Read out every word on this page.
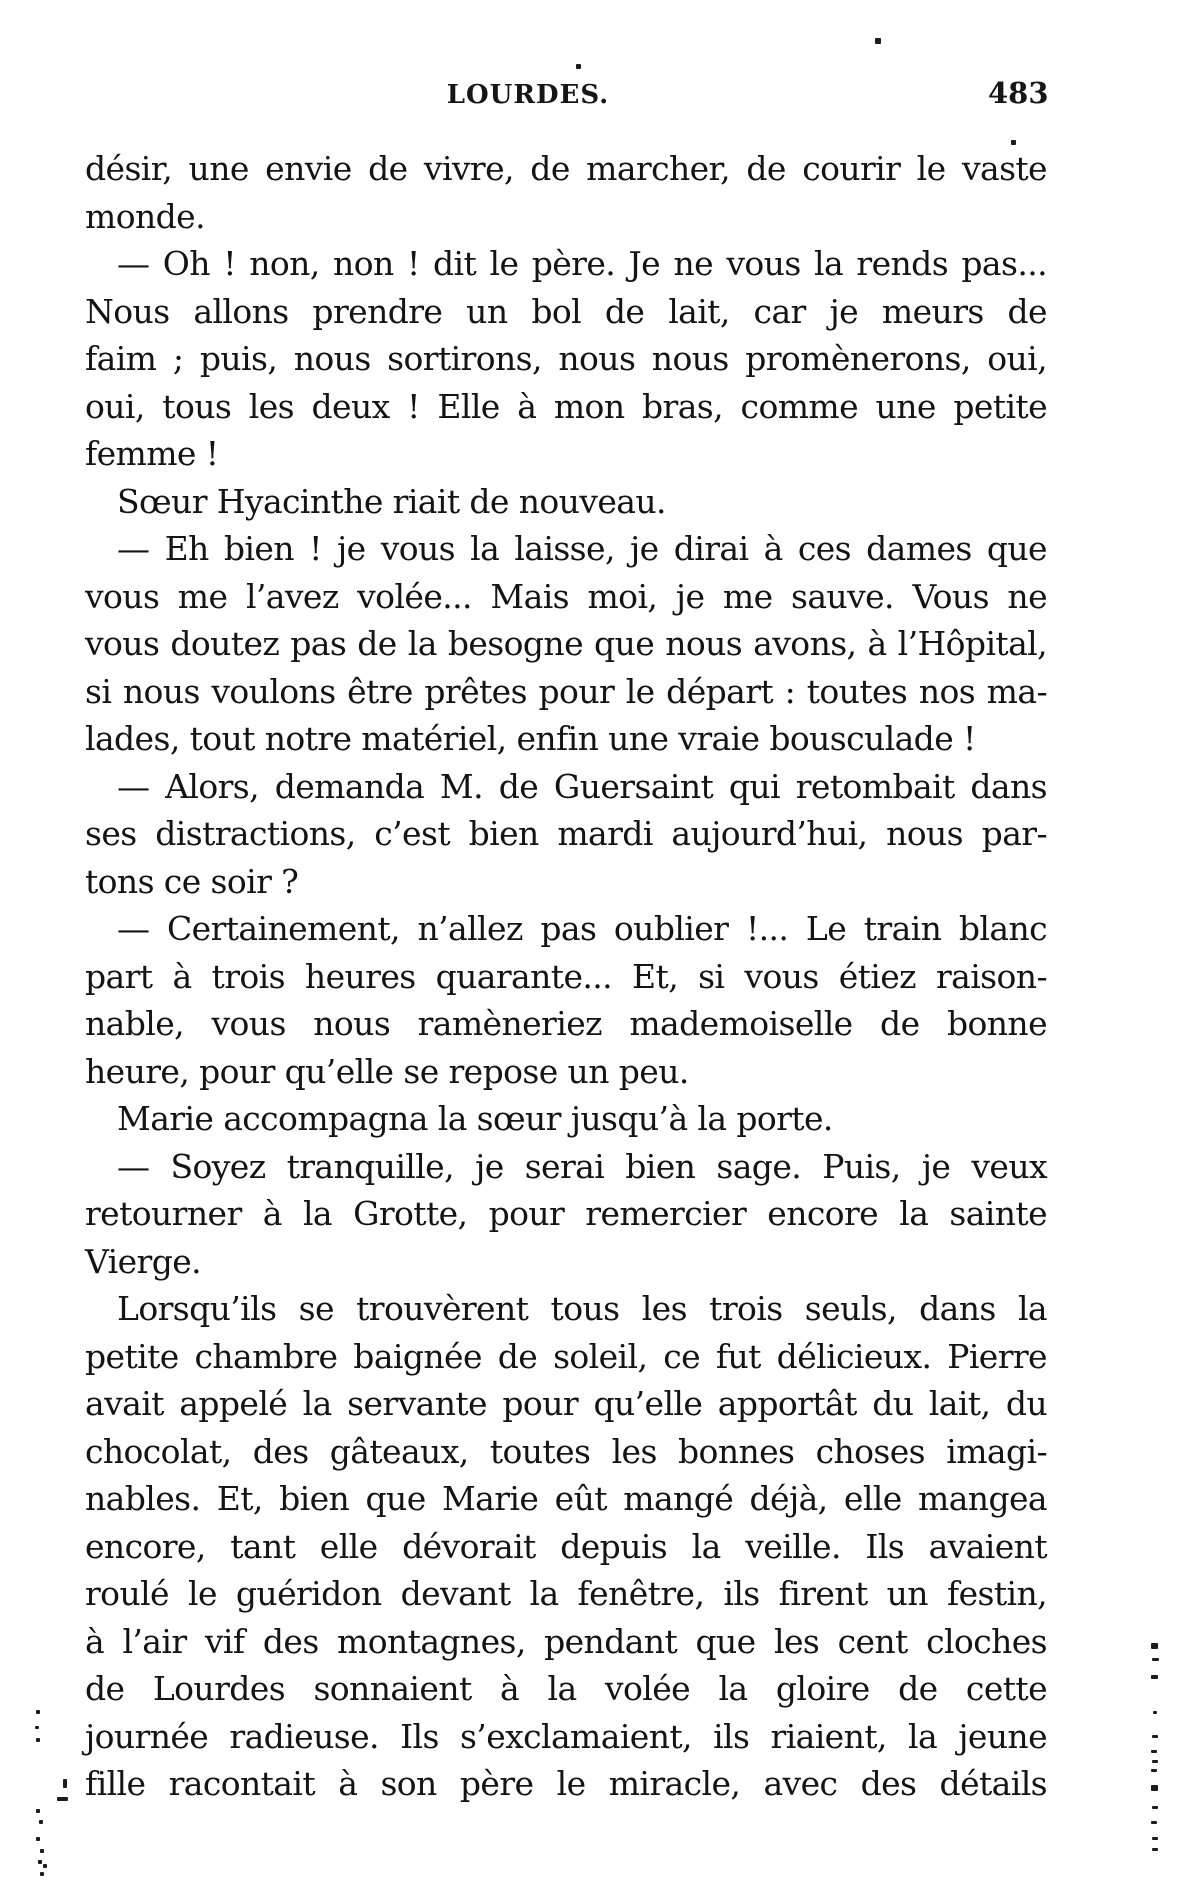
LOURDES.	483
désir, une envie de vivre, de marcher, de courir le vaste
monde.
— Oh ! non, non ! dit le père. Je ne vous la rends pas...
Nous allons prendre un bol de lait, car je meurs de
faim ; puis, nous sortirons, nous nous promènerons, oui,
oui, tous les deux ! Elle à mon bras, comme une petite
femme !
Sœur Hyacinthe riait de nouveau.
— Eh bien ! je vous la laisse, je dirai à ces dames que
vous me l’avez volée... Mais moi, je me sauve. Vous ne
vous doutez pas de la besogne que nous avons, à l’Hôpital,
si nous voulons être prêtes pour le départ : toutes nos ma-
lades, tout notre matériel, enfin une vraie bousculade !
— Alors, demanda M. de Guersaint qui retombait dans
ses distractions, c’est bien mardi aujourd’hui, nous par-
tons ce soir ?
— Certainement, n’allez pas oublier !... Le train blanc
part à trois heures quarante... Et, si vous étiez raison-
nable, vous nous ramèneriez mademoiselle de bonne
heure, pour qu’elle se repose un peu.
Marie accompagna la sœur jusqu’à la porte.
— Soyez tranquille, je serai bien sage. Puis, je veux
retourner à la Grotte, pour remercier encore la sainte
Vierge.
Lorsqu’ils se trouvèrent tous les trois seuls, dans la
petite chambre baignée de soleil, ce fut délicieux. Pierre
avait appelé la servante pour qu’elle apportât du lait, du
chocolat, des gâteaux, toutes les bonnes choses imagi-
nables. Et, bien que Marie eût mangé déjà, elle mangea
encore, tant elle dévorait depuis la veille. Ils avaient
roulé le guéridon devant la fenêtre, ils firent un festin,
à l’air vif des montagnes, pendant que les cent cloches
de Lourdes sonnaient à la volée la gloire de cette
journée radieuse. Ils s’exclamaient, ils riaient, la jeune
fille racontait à son père le miracle, avec des détails
